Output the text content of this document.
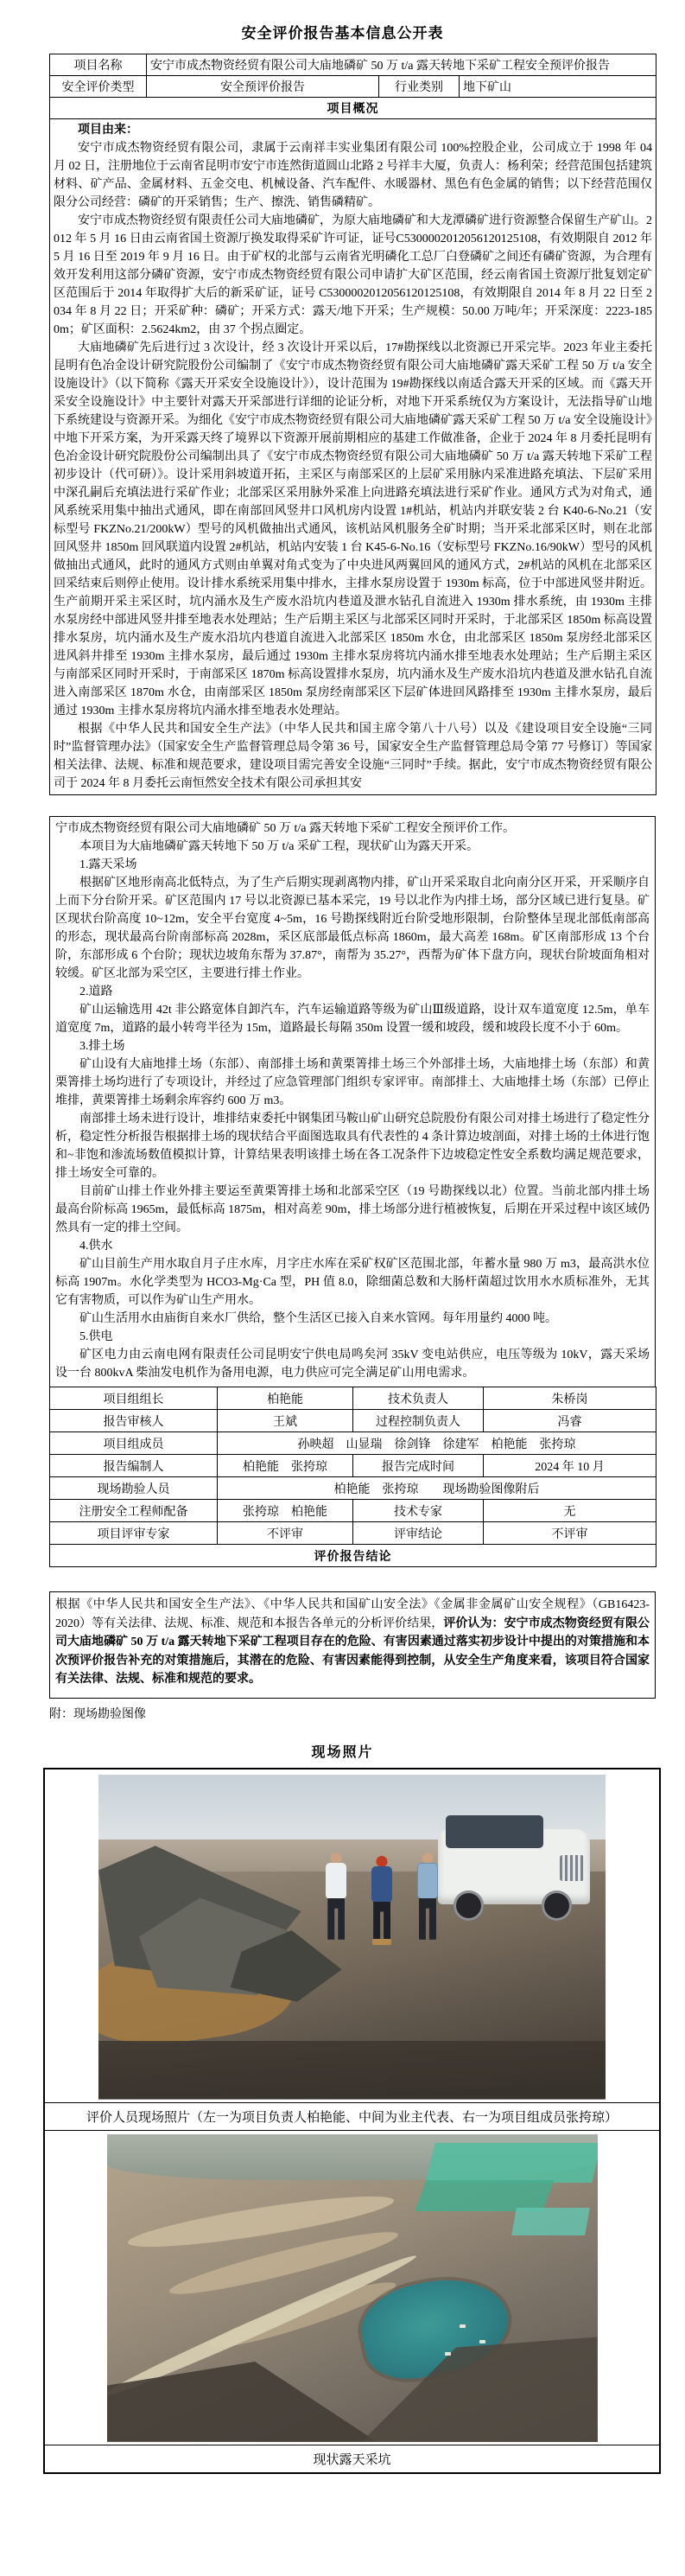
安全评价报告基本信息公开表
项目名称	安宁市成杰物资经贸有限公司大庙地磷矿 50 万 t/a 露天转地下采矿工程安全预评价报告		
安全评价类型	安全预评价报告	行业类别	地下矿山
项目概况			

项目由来：

安宁市成杰物资经贸有限公司，隶属于云南祥丰实业集团有限公司 100%控股企业，公司成立于 1998 年 04 月 02 日，注册地位于云南省昆明市安宁市连然街道圆山北路 2 号祥丰大厦，负责人：杨利荣；经营范围包括建筑材料、矿产品、金属材料、五金交电、机械设备、汽车配件、水暖器材、黑色有色金属的销售；以下经营范围仅限分公司经营：磷矿的开采销售；生产、擦洗、销售磷精矿。

安宁市成杰物资经贸有限责任公司大庙地磷矿，为原大庙地磷矿和大龙潭磷矿进行资源整合保留生产矿山。2012 年 5 月 16 日由云南省国土资源厅换发取得采矿许可证，证号C5300002012056120125108，有效期限自 2012 年 5 月 16 日至 2019 年 9 月 16 日。由于矿权的北部与云南省光明磷化工总厂白登磷矿之间还有磷矿资源，为合理有效开发利用这部分磷矿资源，安宁市成杰物资经贸有限公司申请扩大矿区范围，经云南省国土资源厅批复划定矿区范围后于 2014 年取得扩大后的新采矿证，证号 C5300002012056120125108，有效期限自 2014 年 8 月 22 日至 2034 年 8 月 22 日；开采矿种：磷矿；开采方式：露天/地下开采；生产规模：50.00 万吨/年；开采深度：2223-1850m；矿区面积：2.5624km2，由 37 个拐点圈定。

大庙地磷矿先后进行过 3 次设计，经 3 次设计开采以后，17#勘探线以北资源已开采完毕。2023 年业主委托昆明有色冶金设计研究院股份公司编制了《安宁市成杰物资经贸有限公司大庙地磷矿露天采矿工程 50 万 t/a 安全设施设计》（以下简称《露天开采安全设施设计》），设计范围为 19#勘探线以南适合露天开采的区域。而《露天开采安全设施设计》中主要针对露天开采部进行详细的论证分析，对地下开采系统仅为方案设计，无法指导矿山地下系统建设与资源开采。为细化《安宁市成杰物资经贸有限公司大庙地磷矿露天采矿工程 50 万 t/a 安全设施设计》中地下开采方案，为开采露天终了境界以下资源开展前期相应的基建工作做准备，企业于 2024 年 8 月委托昆明有色冶金设计研究院股份公司编制出具了《安宁市成杰物资经贸有限公司大庙地磷矿 50 万 t/a 露天转地下采矿工程初步设计（代可研）》。设计采用斜坡道开拓，主采区与南部采区的上层矿采用脉内采准进路充填法、下层矿采用中深孔嗣后充填法进行采矿作业；北部采区采用脉外采准上向进路充填法进行采矿作业。通风方式为对角式，通风系统采用集中抽出式通风，即在南部回风竖井口风机房内设置 1#机站，机站内并联安装 2 台 K40-6-No.21（安标型号 FKZNo.21/200kW）型号的风机做抽出式通风，该机站风机服务全矿时期；当开采北部采区时，则在北部回风竖井 1850m 回风联道内设置 2#机站，机站内安装 1 台 K45-6-No.16（安标型号 FKZNo.16/90kW）型号的风机做抽出式通风，此时的通风方式则由单翼对角式变为了中央进风两翼回风的通风方式，2#机站的风机在北部采区回采结束后则停止使用。设计排水系统采用集中排水，主排水泵房设置于 1930m 标高，位于中部进风竖井附近。生产前期开采主采区时，坑内涌水及生产废水沿坑内巷道及泄水钻孔自流进入 1930m 排水系统，由 1930m 主排水泵房经中部进风竖井排至地表水处理站；生产后期主采区与北部采区同时开采时，于北部采区 1850m 标高设置排水泵房，坑内涌水及生产废水沿坑内巷道自流进入北部采区 1850m 水仓，由北部采区 1850m 泵房经北部采区进风斜井排至 1930m 主排水泵房，最后通过 1930m 主排水泵房将坑内涌水排至地表水处理站；生产后期主采区与南部采区同时开采时，于南部采区 1870m 标高设置排水泵房，坑内涌水及生产废水沿坑内巷道及泄水钻孔自流进入南部采区 1870m 水仓，由南部采区 1850m 泵房经南部采区下层矿体进回风路排至 1930m 主排水泵房，最后通过 1930m 主排水泵房将坑内涌水排至地表水处理站。

根据《中华人民共和国安全生产法》（中华人民共和国主席令第八十八号）以及《建设项目安全设施“三同时”监督管理办法》（国家安全生产监督管理总局令第 36 号，国家安全生产监督管理总局令第 77 号修订）等国家相关法律、法规、标准和规范要求，建设项目需完善安全设施“三同时”手续。据此，安宁市成杰物资经贸有限公司于 2024 年 8 月委托云南恒然安全技术有限公司承担其安			

宁市成杰物资经贸有限公司大庙地磷矿 50 万 t/a 露天转地下采矿工程安全预评价工作。

本项目为大庙地磷矿露天转地下 50 万 t/a 采矿工程，现状矿山为露天开采。

1.露天采场

根据矿区地形南高北低特点，为了生产后期实现剥离物内排，矿山开采采取自北向南分区开采，开采顺序自上而下分台阶开采。矿区范围内 17 号以北资源已基本采完，19 号以北作为内排土场，部分区域已进行复垦。矿区现状台阶高度 10~12m，安全平台宽度 4~5m，16 号勘探线附近台阶受地形限制，台阶整体呈现北部低南部高的形态，现状最高台阶南部标高 2028m，采区底部最低点标高 1860m，最大高差 168m。矿区南部形成 13 个台阶，东部形成 6 个台阶；现状边坡角东帮为 37.87°，南帮为 35.27°，西帮为矿体下盘方向，现状台阶坡面角相对较缓。矿区北部为采空区，主要进行排土作业。

2.道路

矿山运输选用 42t 非公路宽体自卸汽车，汽车运输道路等级为矿山Ⅲ级道路，设计双车道宽度 12.5m，单车道宽度 7m，道路的最小转弯半径为 15m，道路最长每隔 350m 设置一缓和坡段，缓和坡段长度不小于 60m。

3.排土场

矿山设有大庙地排土场（东部）、南部排土场和黄栗箐排土场三个外部排土场，大庙地排土场（东部）和黄栗箐排土场均进行了专项设计，并经过了应急管理部门组织专家评审。南部排土、大庙地排土场（东部）已停止堆排，黄栗箐排土场剩余库容约 600 万 m3。

南部排土场未进行设计，堆排结束委托中钢集团马鞍山矿山研究总院股份有限公司对排土场进行了稳定性分析，稳定性分析报告根据排土场的现状结合平面图选取具有代表性的 4 条计算边坡剖面，对排土场的土体进行饱和~非饱和渗流场数值模拟计算，计算结果表明该排土场在各工况条件下边坡稳定性安全系数均满足规范要求，排土场安全可靠的。

目前矿山排土作业外排主要运至黄栗箐排土场和北部采空区（19 号勘探线以北）位置。当前北部内排土场最高台阶标高 1965m，最低标高 1875m，相对高差 90m，排土场部分进行植被恢复，后期在开采过程中该区域仍然具有一定的排土空间。

4.供水

矿山目前生产用水取自月子庄水库，月字庄水库在采矿权矿区范围北部，年蓄水量 980 万 m3，最高洪水位标高 1907m。水化学类型为 HCO3-Mg·Ca 型，PH 值 8.0，除细菌总数和大肠杆菌超过饮用水水质标准外，无其它有害物质，可以作为矿山生产用水。

矿山生活用水由庙街自来水厂供给，整个生活区已接入自来水管网。每年用量约 4000 吨。

5.供电

矿区电力由云南电网有限责任公司昆明安宁供电局鸣矣河 35kV 变电站供应，电压等级为 10kV，露天采场设一台 800kvA 柴油发电机作为备用电源，电力供应可完全满足矿山用电需求。

项目组组长	柏艳能	技术负责人	朱桥岗
报告审核人	王斌	过程控制负责人	冯睿
项目组成员	孙映超　山显瑞　徐剑锋　徐建军　柏艳能　张挎琼		
报告编制人	柏艳能　张挎琼	报告完成时间	2024 年 10 月
现场勘验人员	柏艳能　张挎琼　　现场勘验图像附后		
注册安全工程师配备	张挎琼　柏艳能	技术专家	无
项目评审专家	不评审	评审结论	不评审
评价报告结论			

根据《中华人民共和国安全生产法》、《中华人民共和国矿山安全法》《金属非金属矿山安全规程》（GB16423-2020）等有关法律、法规、标准、规范和本报告各单元的分析评价结果，评价认为：安宁市成杰物资经贸有限公司大庙地磷矿 50 万 t/a 露天转地下采矿工程项目存在的危险、有害因素通过落实初步设计中提出的对策措施和本次预评价报告补充的对策措施后，其潜在的危险、有害因素能得到控制，从安全生产角度来看，该项目符合国家有关法律、法规、标准和规范的要求。

附：现场勘验图像
现场照片
评价人员现场照片（左一为项目负责人柏艳能、中间为业主代表、右一为项目组成员张挎琼）
现状露天采坑
